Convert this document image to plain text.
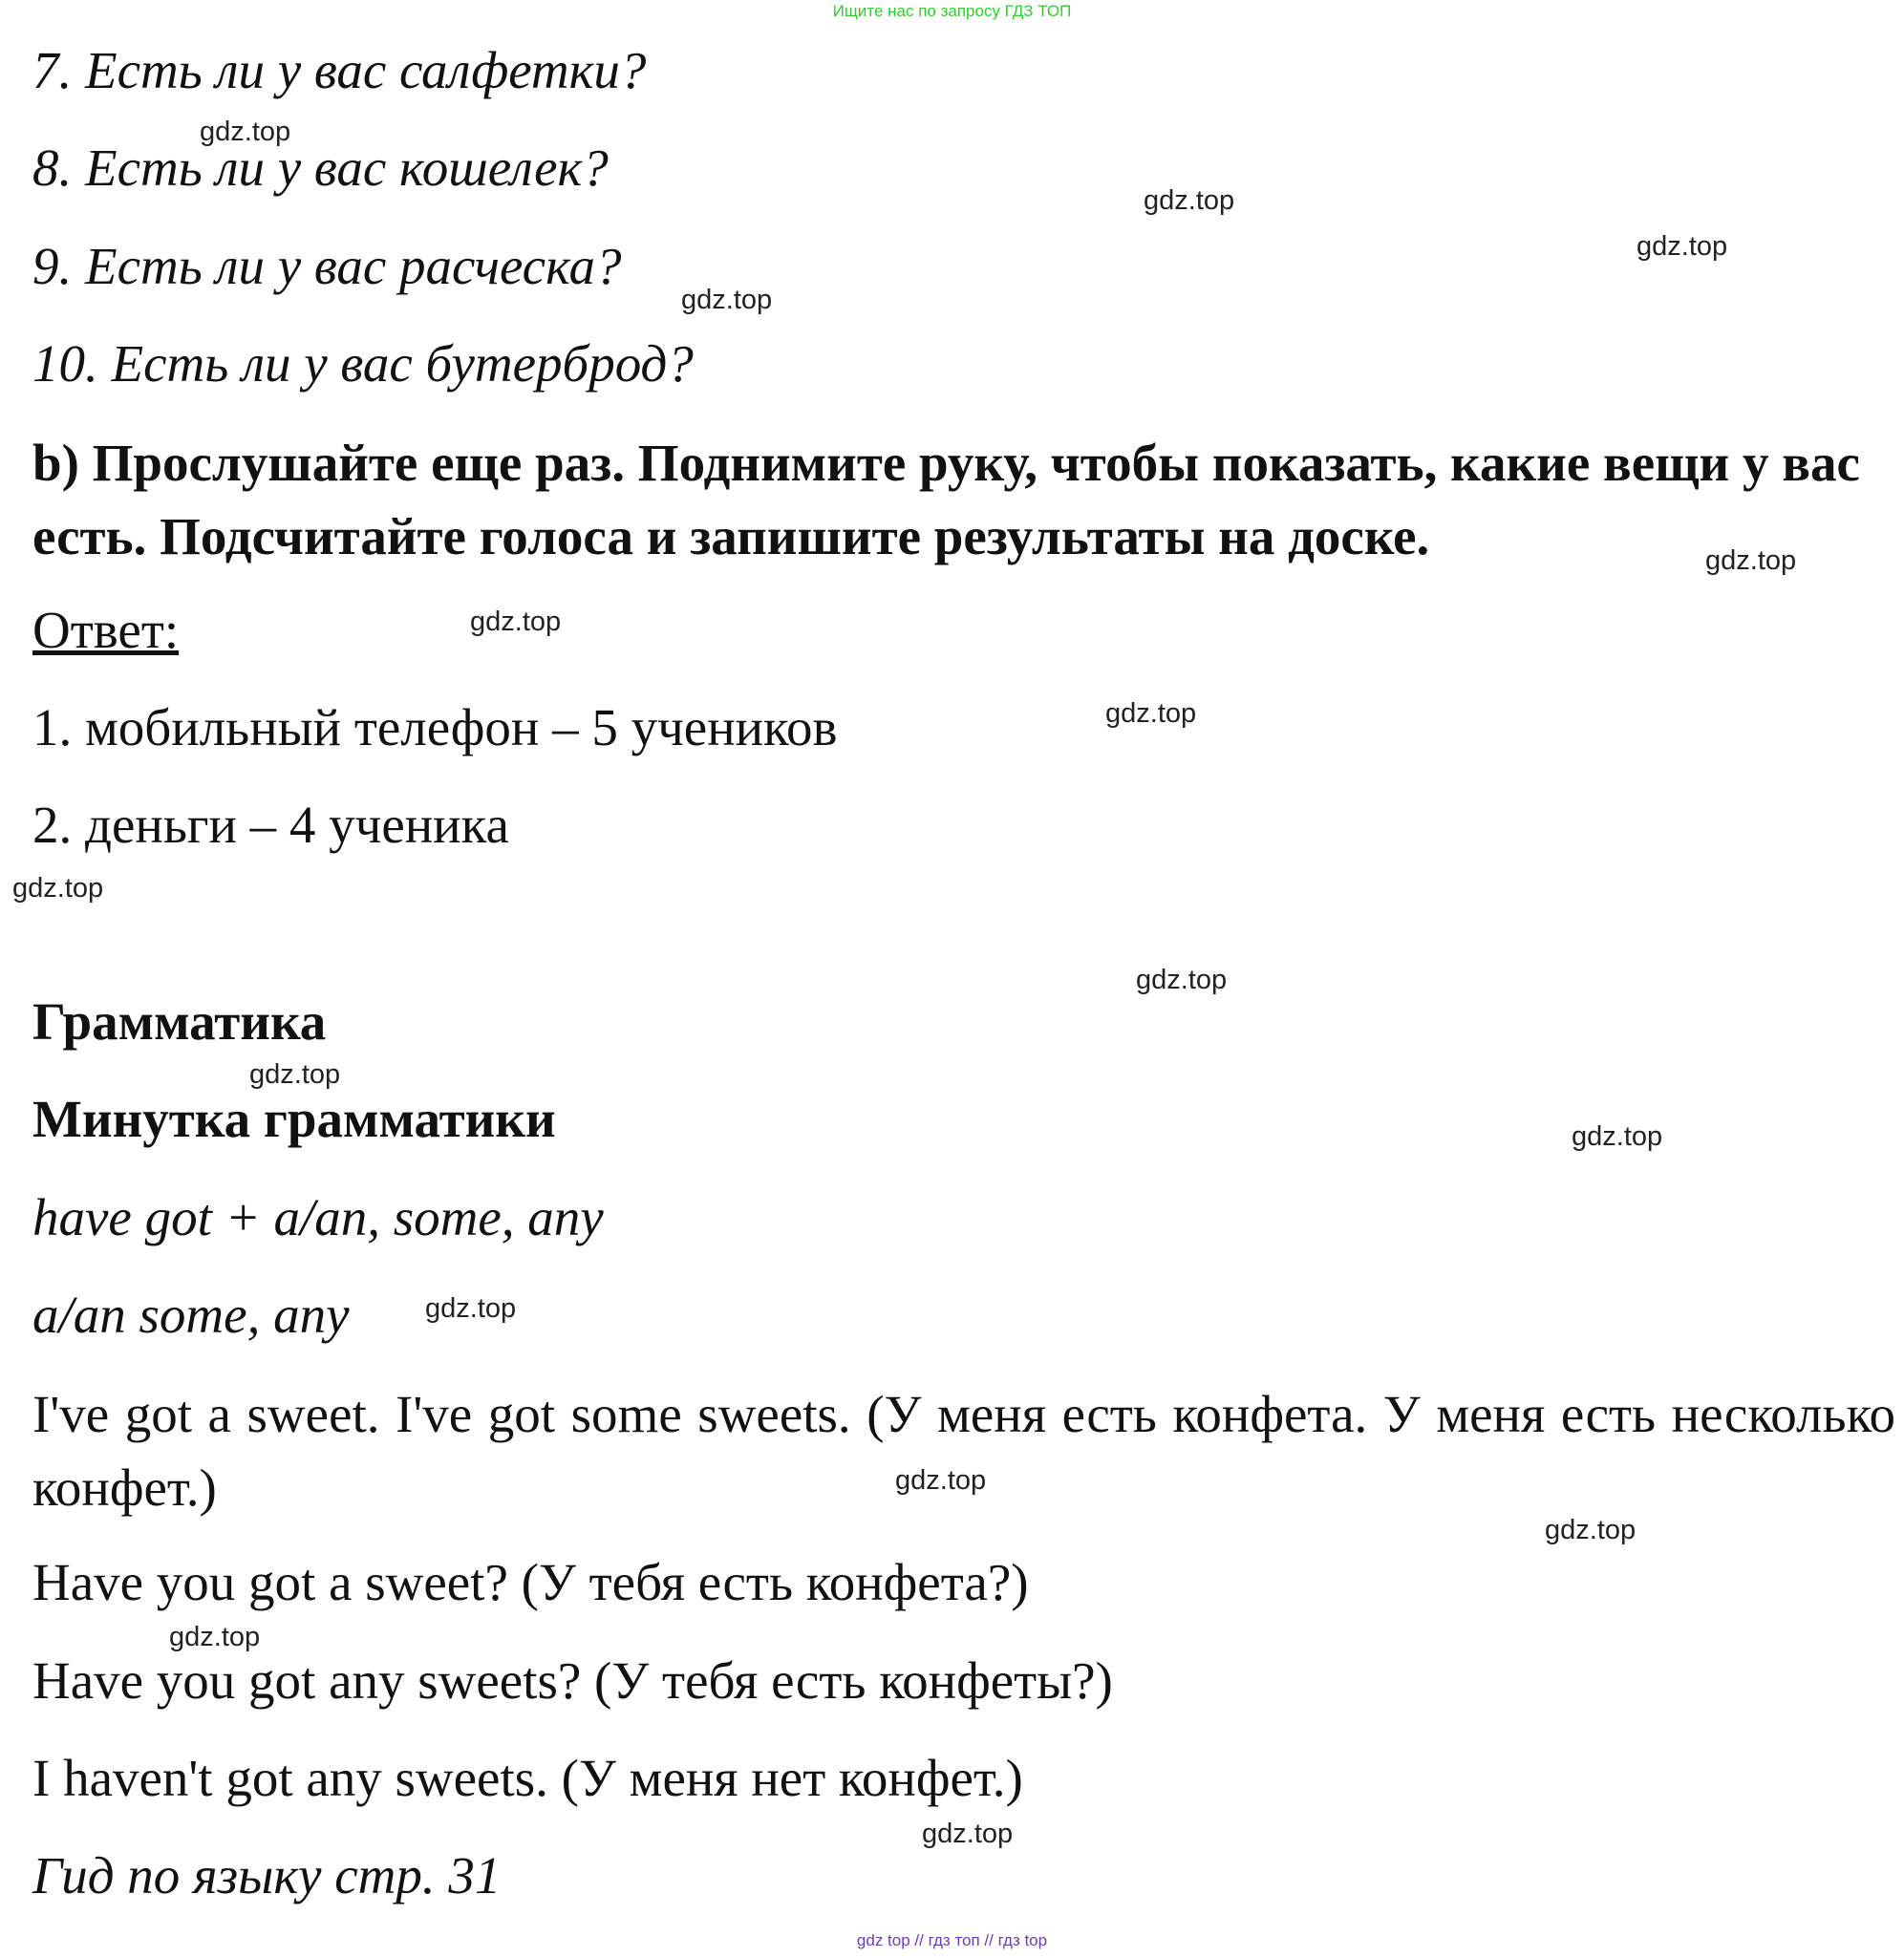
Ищите нас по запросу ГДЗ ТОП
7. Есть ли у вас салфетки?
8. Есть ли у вас кошелек?
9. Есть ли у вас расческа?
10. Есть ли у вас бутерброд?
b) Прослушайте еще раз. Поднимите руку, чтобы показать, какие вещи у вас есть. Подсчитайте голоса и запишите результаты на доске.
Ответ:
1. мобильный телефон – 5 учеников
2. деньги – 4 ученика
Грамматика
Минутка грамматики
have got + a/an, some, any
a/an some, any
I've got a sweet. I've got some sweets. (У меня есть конфета. У меня есть несколько конфет.)
Have you got a sweet? (У тебя есть конфета?)
Have you got any sweets? (У тебя есть конфеты?)
I haven't got any sweets. (У меня нет конфет.)
Гид по языку стр. 31
gdz.top
gdz.top
gdz.top
gdz.top
gdz.top
gdz.top
gdz.top
gdz.top
gdz.top
gdz.top
gdz.top
gdz.top
gdz.top
gdz.top
gdz.top
gdz.top
gdz top // гдз топ // гдз top
